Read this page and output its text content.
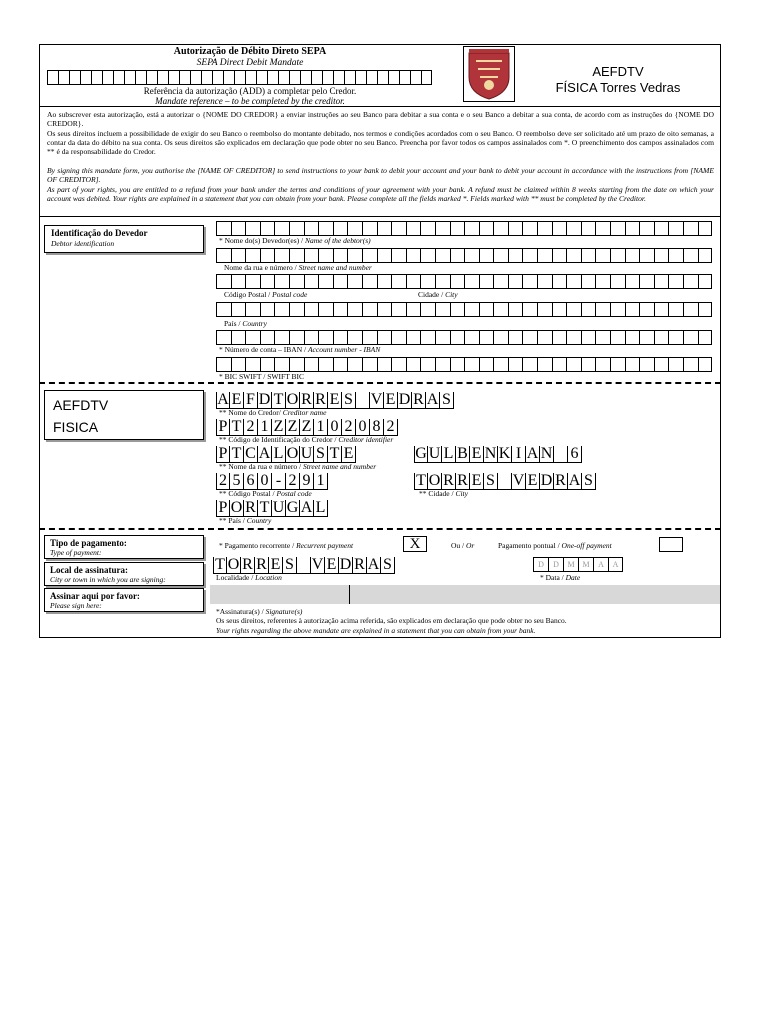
Autorização de Débito Direto SEPA
SEPA Direct Debit Mandate
Referência da autorização (ADD) a completar pelo Credor.
Mandate reference – to be completed by the creditor.
AEFDTV
FÍSICA Torres Vedras
Ao subscrever esta autorização, está a autorizar o {NOME DO CREDOR} a enviar instruções ao seu Banco para debitar a sua conta e o seu Banco a debitar a sua conta, de acordo com as instruções do {NOME DO CREDOR}.
Os seus direitos incluem a possibilidade de exigir do seu Banco o reembolso do montante debitado, nos termos e condições acordados com o seu Banco. O reembolso deve ser solicitado até um prazo de oito semanas, a contar da data do débito na sua conta. Os seus direitos são explicados em declaração que pode obter no seu Banco. Preencha por favor todos os campos assinalados com *. O preenchimento dos campos assinalados com ** é da responsabilidade do Credor.
By signing this mandate form, you authorise the [NAME OF CREDITOR] to send instructions to your bank to debit your account and your bank to debit your account in accordance with the instructions from [NAME OF CREDITOR].
As part of your rights, you are entitled to a refund from your bank under the terms and conditions of your agreement with your bank. A refund must be claimed within 8 weeks starting from the date on which your account was debited. Your rights are explained in a statement that you can obtain from your bank. Please complete all the fields marked *. Fields marked with ** must be completed by the Creditor.
Identificação do Devedor
Debtor identification	* Nome do(s) Devedor(es) / Name of the debtor(s)
Nome da rua e número / Street name and number
Código Postal / Postal code	Cidade / City
País / Country
* Número de conta – IBAN / Account number - IBAN
* BIC SWIFT / SWIFT BIC
AEFDTV
FISICA
A E F D T O R R E S V E D R A S
** Nome do Credor/ Creditor name
P T 2 1 Z Z Z 1 0 2 0 8 2
** Código de Identificação do Credor / Creditor identifier
P T C A L O U S T E	G U L B E N K I A N 6
** Nome da rua e número / Street name and number
2 5 6 0 - 2 9 1	T O R R E S V E D R A S
** Código Postal / Postal code	** Cidade / City
P O R T U G A L
** País / Country
Tipo de pagamento:
Type of payment:
* Pagamento recorrente / Recurrent payment	X	Ou / Or	Pagamento pontual / One-off payment
Local de assinatura:
City or town in which you are signing:
T O R R E S V E D R A S
Localidade / Location
D	D	M M	A	A
* Data / Date
Assinar aqui por favor:
Please sign here:
*Assinatura(s) / Signature(s)
Os seus direitos, referentes à autorização acima referida, são explicados em declaração que pode obter no seu Banco.
Your rights regarding the above mandate are explained in a statement that you can obtain from your bank.
